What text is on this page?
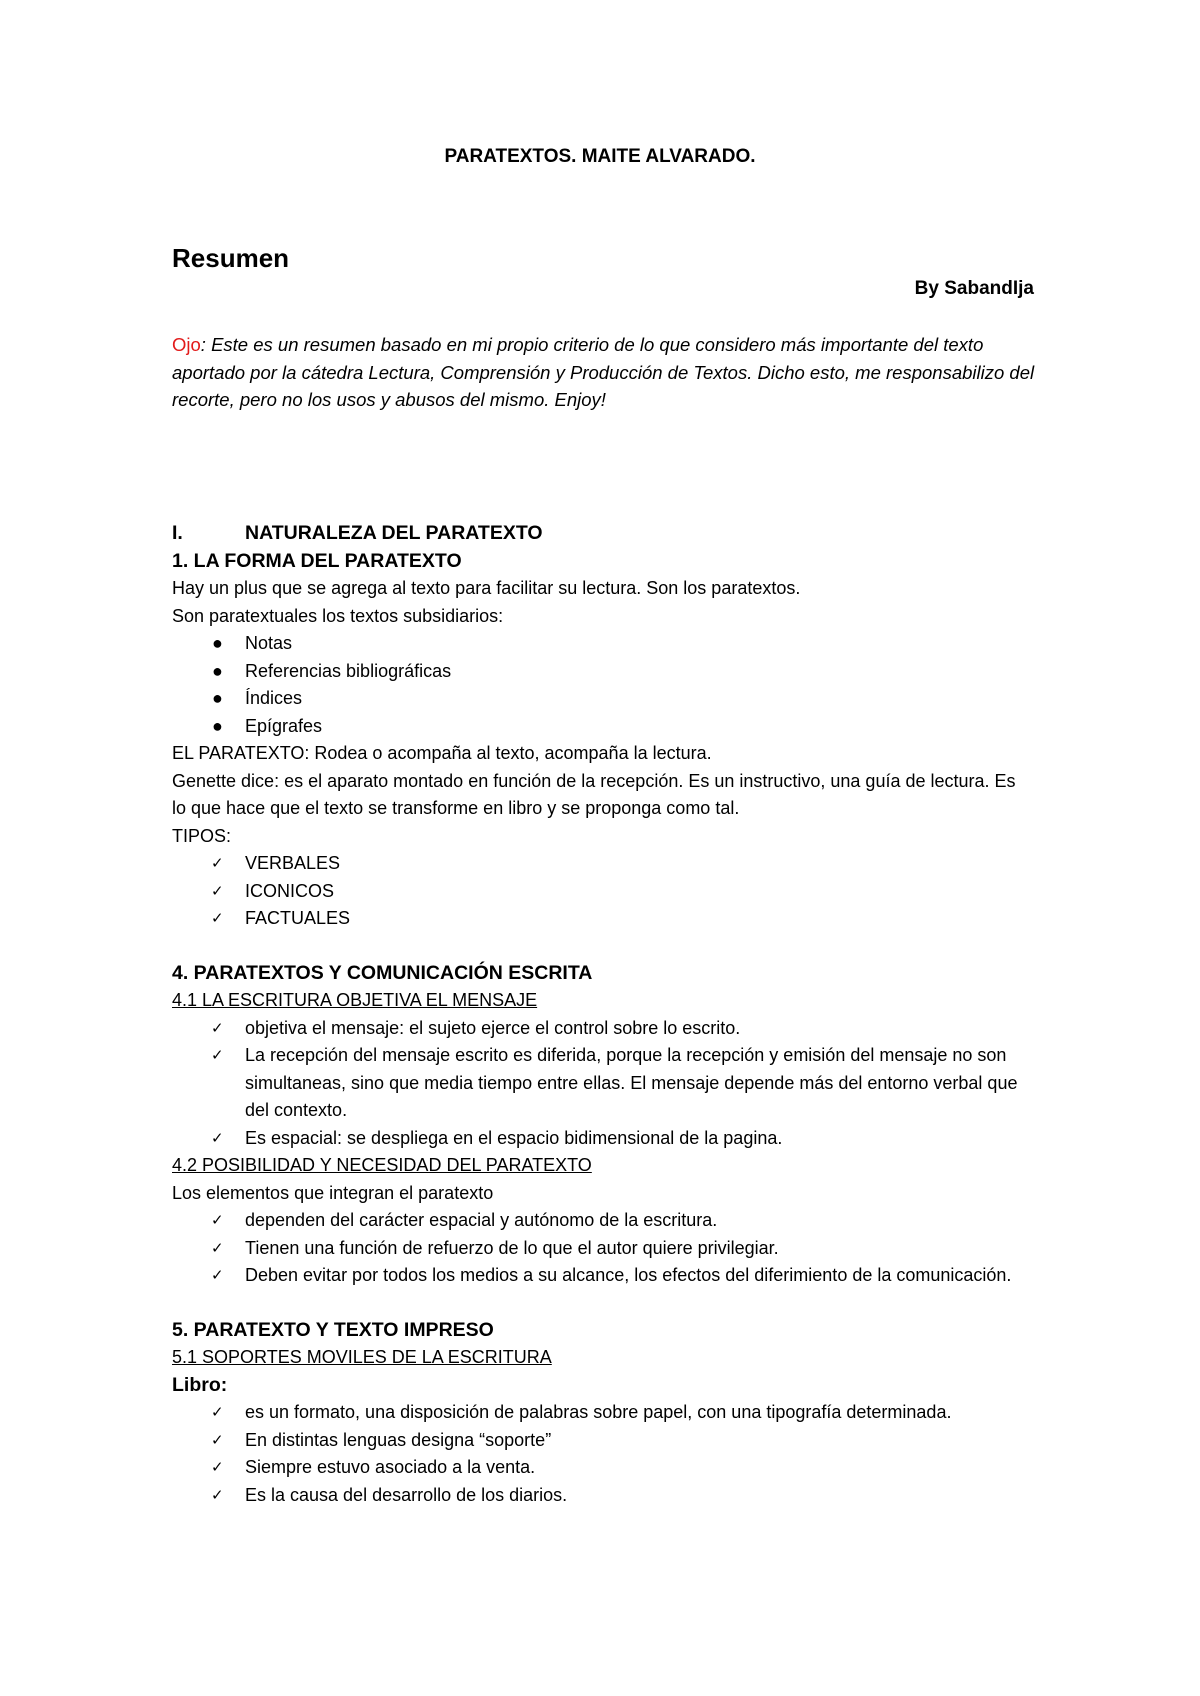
PARATEXTOS. MAITE ALVARADO.
Resumen
By SabandIja
Ojo: Este es un resumen basado en mi propio criterio de lo que considero más importante del texto aportado por la cátedra Lectura, Comprensión y Producción de Textos. Dicho esto, me responsabilizo del recorte, pero no los usos y abusos del mismo. Enjoy!
I.	NATURALEZA DEL PARATEXTO
1. LA FORMA DEL PARATEXTO
Hay un plus que se agrega al texto para facilitar su lectura. Son los paratextos.
Son paratextuales los textos subsidiarios:
● Notas
● Referencias bibliográficas
● Índices
● Epígrafes
EL PARATEXTO: Rodea o acompaña al texto, acompaña la lectura.
Genette dice: es el aparato montado en función de la recepción. Es un instructivo, una guía de lectura. Es lo que hace que el texto se transforme en libro y se proponga como tal.
TIPOS:
✓ VERBALES
✓ ICONICOS
✓ FACTUALES
4. PARATEXTOS Y COMUNICACIÓN ESCRITA
4.1 LA ESCRITURA OBJETIVA EL MENSAJE
✓ objetiva el mensaje: el sujeto ejerce el control sobre lo escrito.
✓ La recepción del mensaje escrito es diferida, porque la recepción y emisión del mensaje no son simultaneas, sino que media tiempo entre ellas. El mensaje depende más del entorno verbal que del contexto.
✓ Es espacial: se despliega en el espacio bidimensional de la pagina.
4.2 POSIBILIDAD Y NECESIDAD DEL PARATEXTO
Los elementos que integran el paratexto
✓ dependen del carácter espacial y autónomo de la escritura.
✓ Tienen una función de refuerzo de lo que el autor quiere privilegiar.
✓ Deben evitar por todos los medios a su alcance, los efectos del diferimiento de la comunicación.
5. PARATEXTO Y TEXTO IMPRESO
5.1 SOPORTES MOVILES DE LA ESCRITURA
Libro:
✓ es un formato, una disposición de palabras sobre papel, con una tipografía determinada.
✓ En distintas lenguas designa “soporte”
✓ Siempre estuvo asociado a la venta.
✓ Es la causa del desarrollo de los diarios.
